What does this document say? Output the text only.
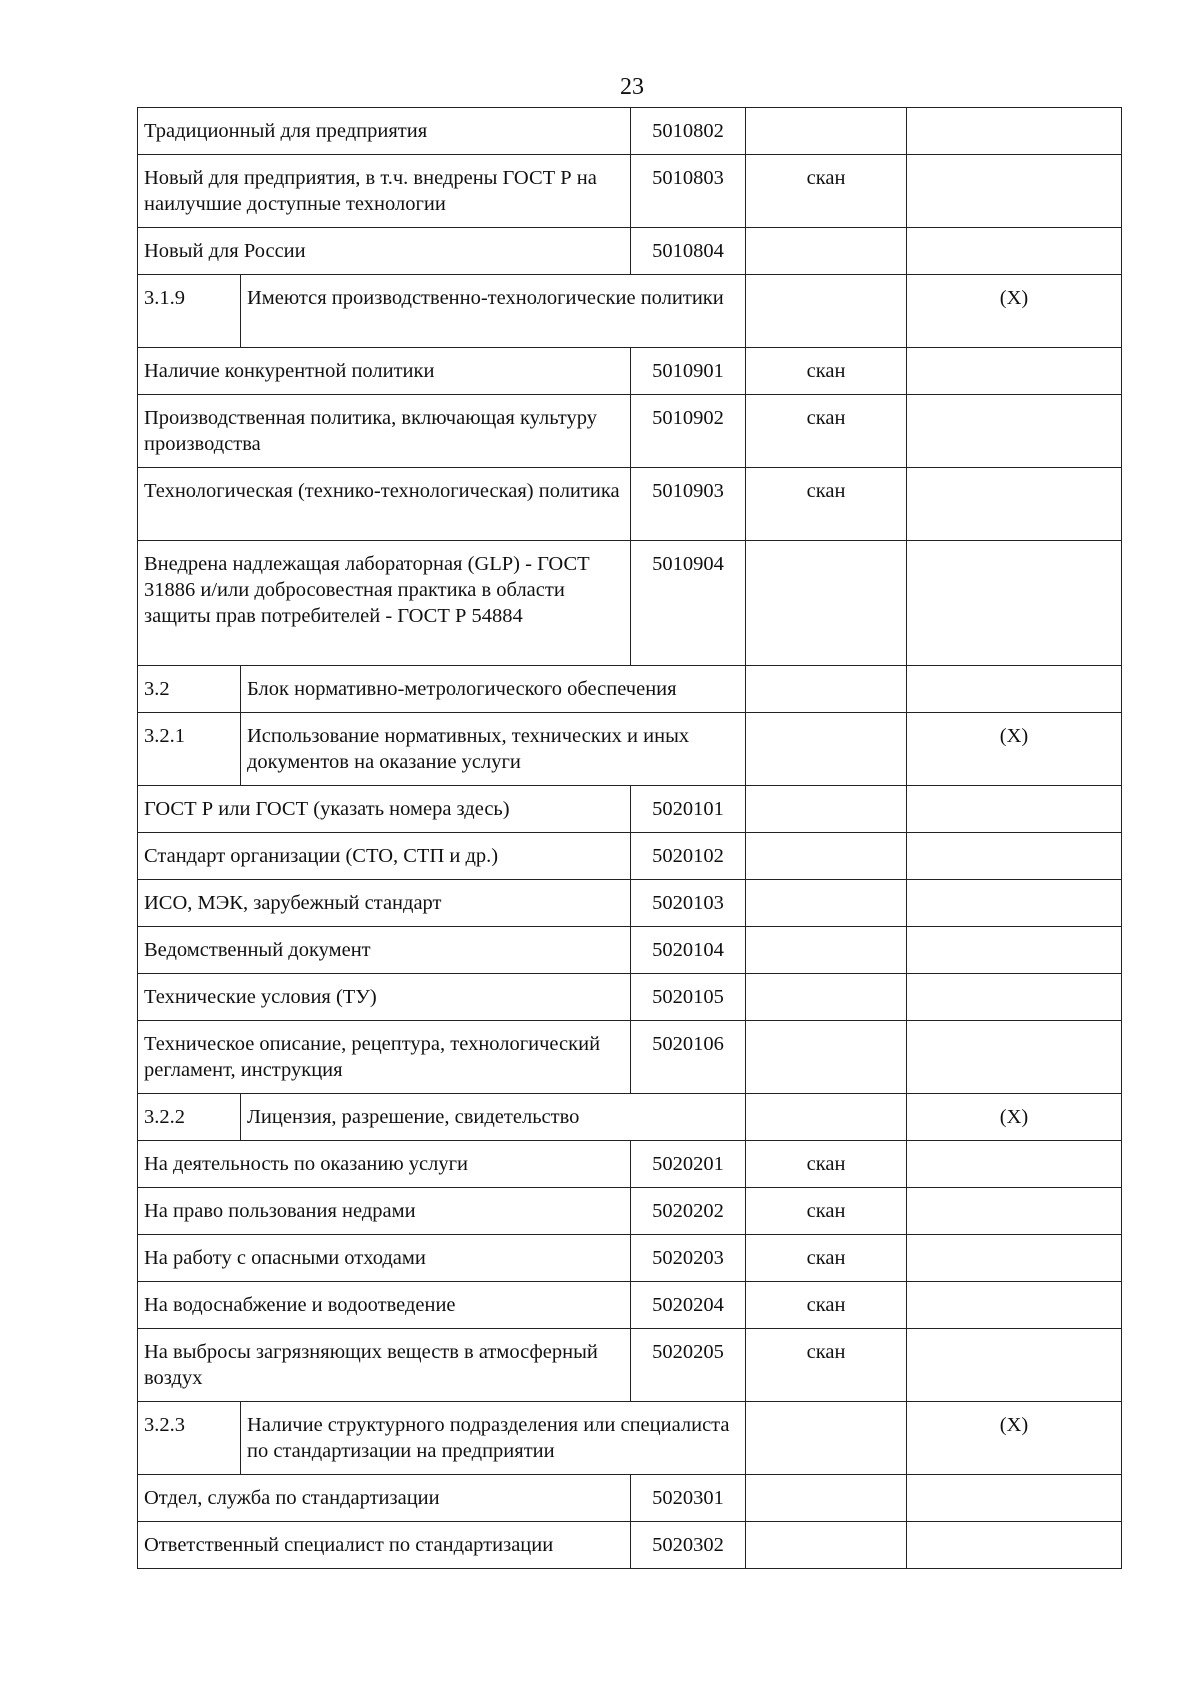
23
Традиционный для предприятия		5010802		
Новый для предприятия, в т.ч. внедрены ГОСТ Р на наилучшие доступные технологии		5010803	скан	
Новый для России		5010804		
3.1.9	Имеются производственно-технологические политики			(X)
Наличие конкурентной политики		5010901	скан	
Производственная политика, включающая культуру производства		5010902	скан	
Технологическая (технико-технологическая) политика		5010903	скан	
Внедрена надлежащая лабораторная (GLP) - ГОСТ 31886 и/или добросовестная практика в области защиты прав потребителей - ГОСТ Р 54884		5010904		
3.2	Блок нормативно-метрологического обеспечения			
3.2.1	Использование нормативных, технических и иных документов на оказание услуги			(X)
ГОСТ Р или ГОСТ (указать номера здесь)		5020101		
Стандарт организации (СТО, СТП и др.)		5020102		
ИСО, МЭК, зарубежный стандарт		5020103		
Ведомственный документ		5020104		
Технические условия (ТУ)		5020105		
Техническое описание, рецептура, технологический регламент, инструкция		5020106		
3.2.2	Лицензия, разрешение, свидетельство			(X)
На деятельность по оказанию услуги		5020201	скан	
На право пользования недрами		5020202	скан	
На работу с опасными отходами		5020203	скан	
На водоснабжение и водоотведение		5020204	скан	
На выбросы загрязняющих веществ в атмосферный воздух		5020205	скан	
3.2.3	Наличие структурного подразделения или специалиста по стандартизации на предприятии			(X)
Отдел, служба по стандартизации		5020301		
Ответственный специалист по стандартизации		5020302		
